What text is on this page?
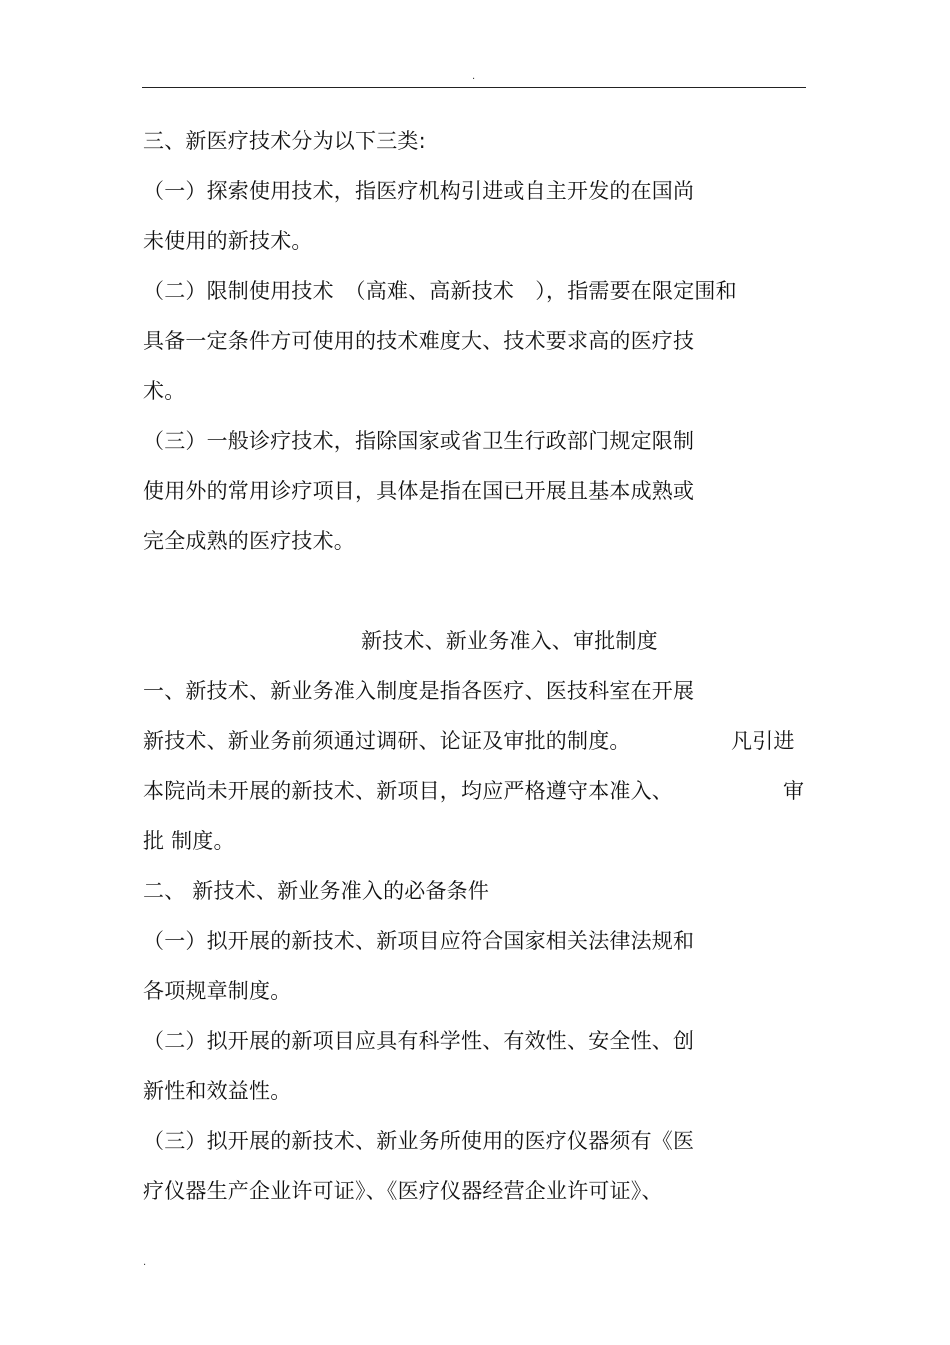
.
三、新医疗技术分为以下三类:
（一）探索使用技术，指医疗机构引进或自主开发的在国尚
未使用的新技术。
（二）限制使用技术　（高难、高新技术　），指需要在限定围和
具备一定条件方可使用的技术难度大、技术要求高的医疗技
术。
（三）一般诊疗技术，指除国家或省卫生行政部门规定限制
使用外的常用诊疗项目，具体是指在国已开展且基本成熟或
完全成熟的医疗技术。
新技术、新业务准入、审批制度
一、新技术、新业务准入制度是指各医疗、医技科室在开展
新技术、新业务前须通过调研、论证及审批的制度。	凡引进
本院尚未开展的新技术、新项目，均应严格遵守本准入、	审
批 制度。
二、 新技术、新业务准入的必备条件
（一）拟开展的新技术、新项目应符合国家相关法律法规和
各项规章制度。
（二）拟开展的新项目应具有科学性、有效性、安全性、创
新性和效益性。
（三）拟开展的新技术、新业务所使用的医疗仪器须有《医
疗仪器生产企业许可证》、《医疗仪器经营企业许可证》、
.
